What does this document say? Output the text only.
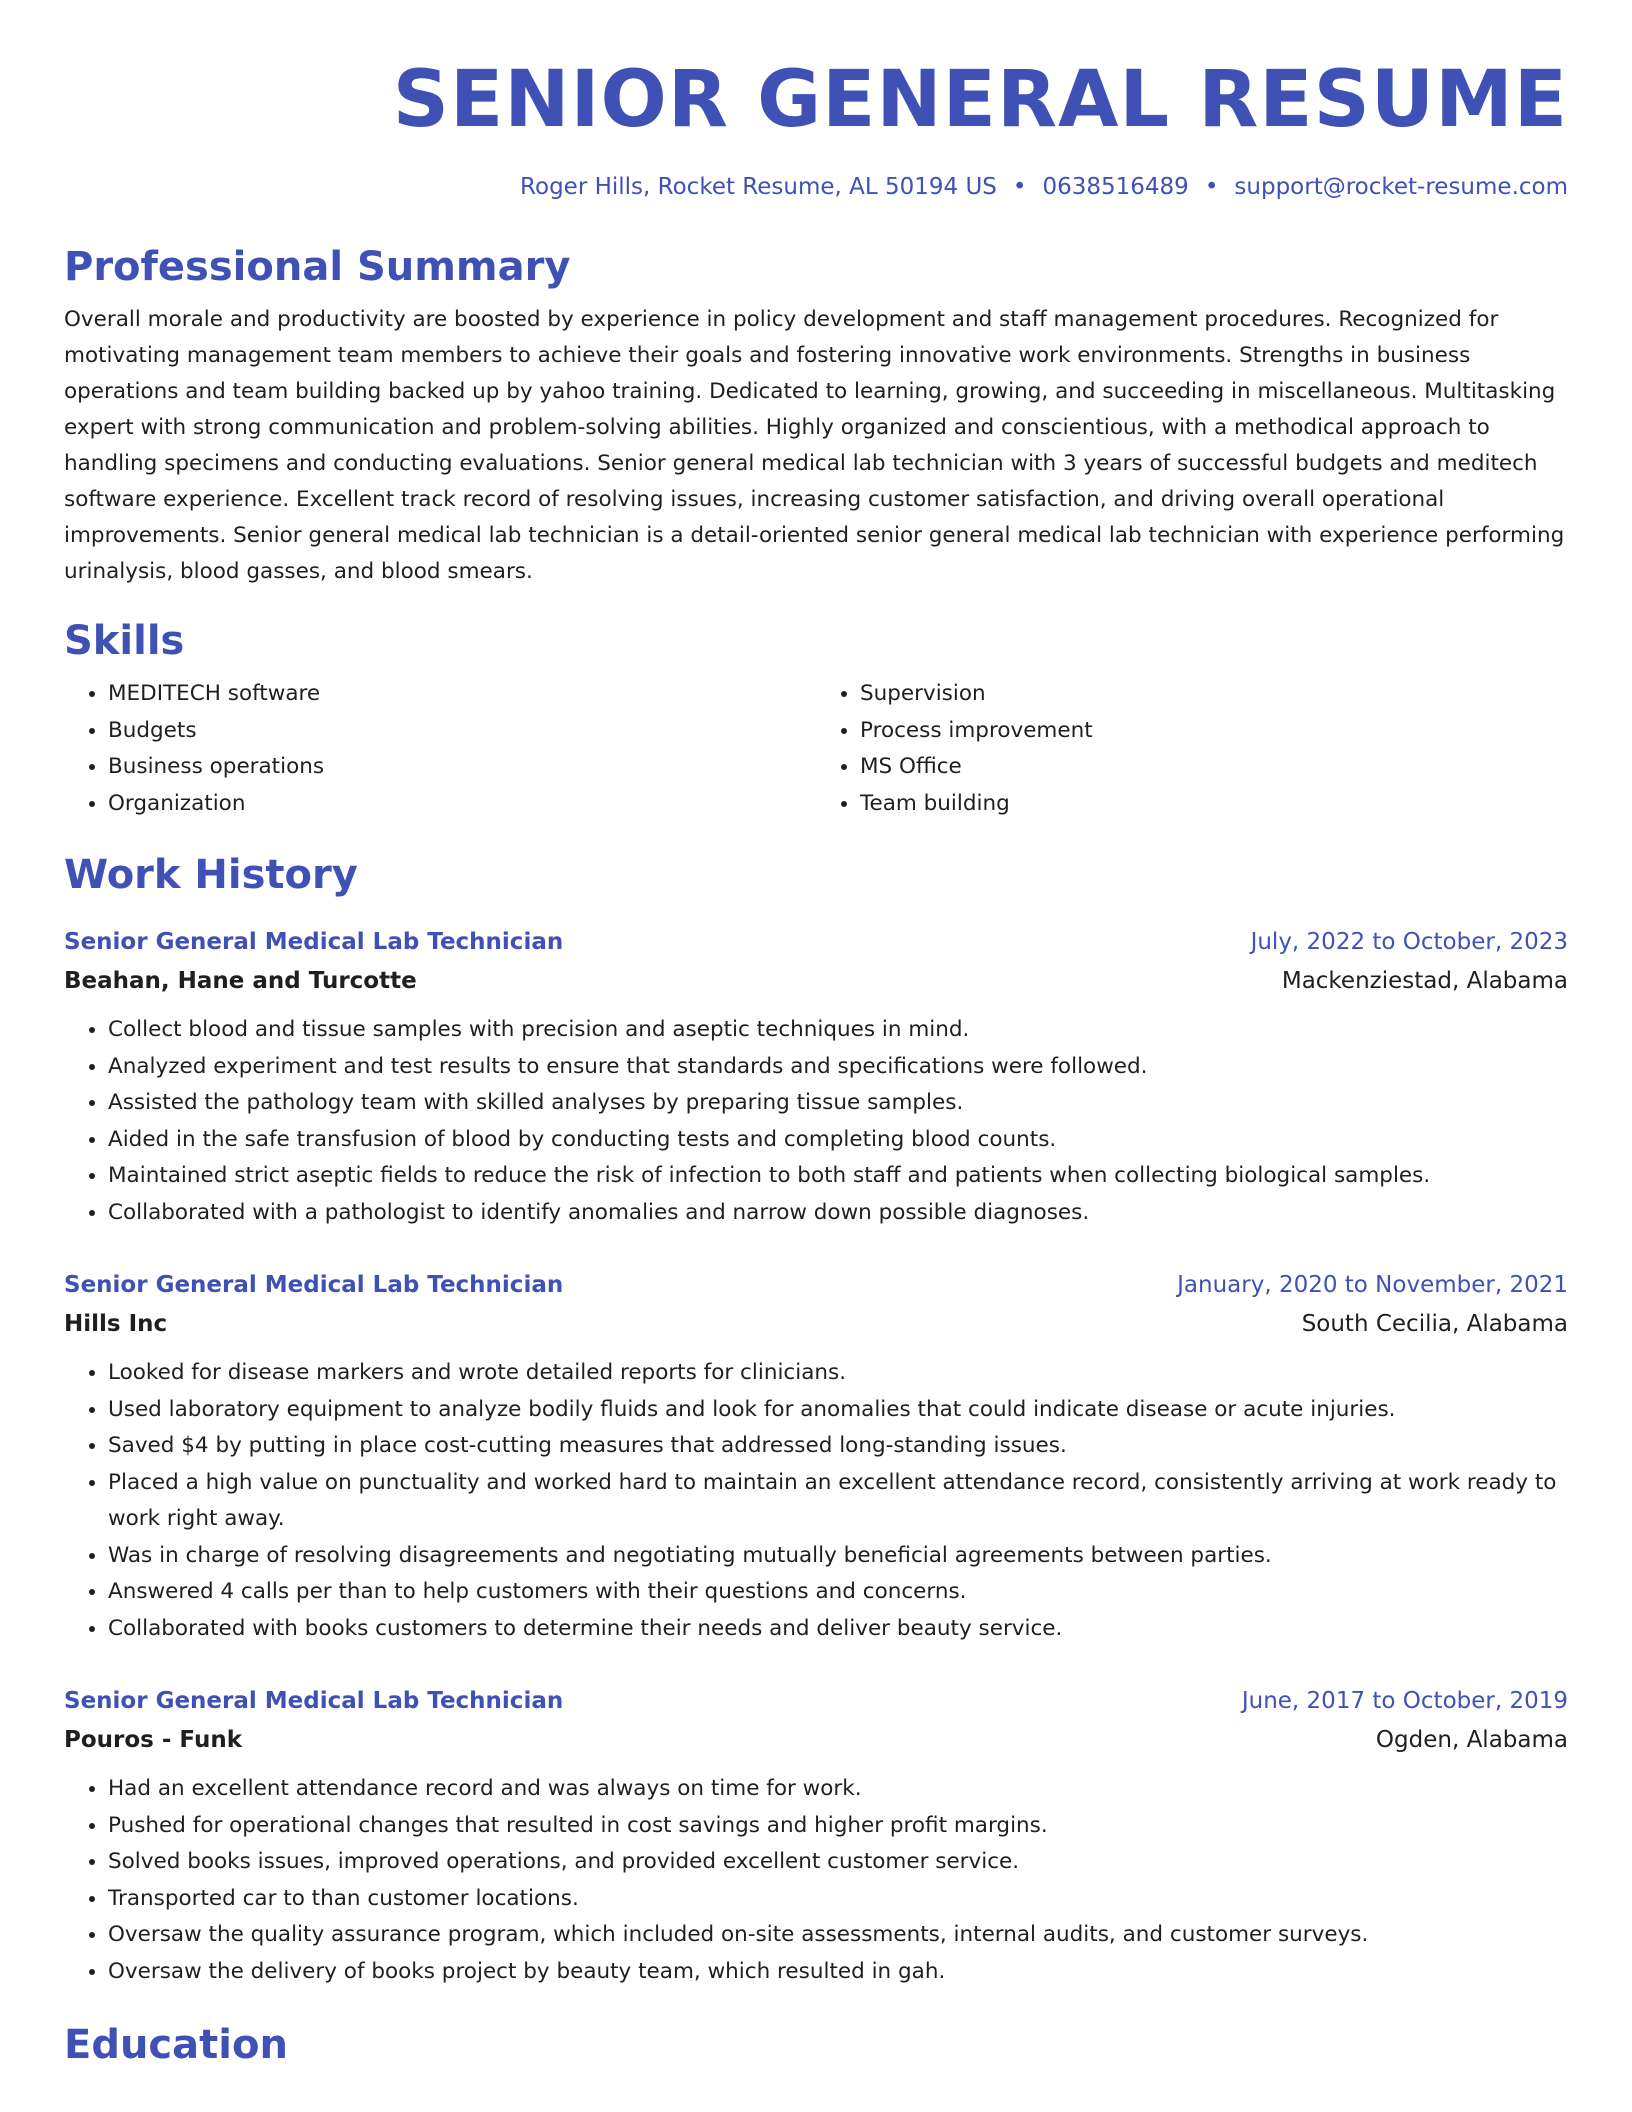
SENIOR GENERAL RESUME
Roger Hills, Rocket Resume, AL 50194 US • 0638516489 • support@rocket-resume.com
Professional Summary

Overall morale and productivity are boosted by experience in policy development and staff management procedures. Recognized for motivating management team members to achieve their goals and fostering innovative work environments. Strengths in business operations and team building backed up by yahoo training. Dedicated to learning, growing, and succeeding in miscellaneous. Multitasking expert with strong communication and problem-solving abilities. Highly organized and conscientious, with a methodical approach to handling specimens and conducting evaluations. Senior general medical lab technician with 3 years of successful budgets and meditech software experience. Excellent track record of resolving issues, increasing customer satisfaction, and driving overall operational improvements. Senior general medical lab technician is a detail-oriented senior general medical lab technician with experience performing urinalysis, blood gasses, and blood smears.

Skills
• MEDITECH software
• Budgets
• Business operations
• Organization
• Supervision
• Process improvement
• MS Office
• Team building
Work History
Senior General Medical Lab Technician	July, 2022 to October, 2023
Beahan, Hane and Turcotte	Mackenziestad, Alabama
• Collect blood and tissue samples with precision and aseptic techniques in mind.
• Analyzed experiment and test results to ensure that standards and specifications were followed.
• Assisted the pathology team with skilled analyses by preparing tissue samples.
• Aided in the safe transfusion of blood by conducting tests and completing blood counts.
• Maintained strict aseptic fields to reduce the risk of infection to both staff and patients when collecting biological samples.
• Collaborated with a pathologist to identify anomalies and narrow down possible diagnoses.
Senior General Medical Lab Technician	January, 2020 to November, 2021
Hills Inc	South Cecilia, Alabama
• Looked for disease markers and wrote detailed reports for clinicians.
• Used laboratory equipment to analyze bodily fluids and look for anomalies that could indicate disease or acute injuries.
• Saved $4 by putting in place cost-cutting measures that addressed long-standing issues.
• Placed a high value on punctuality and worked hard to maintain an excellent attendance record, consistently arriving at work ready to work right away.
• Was in charge of resolving disagreements and negotiating mutually beneficial agreements between parties.
• Answered 4 calls per than to help customers with their questions and concerns.
• Collaborated with books customers to determine their needs and deliver beauty service.
Senior General Medical Lab Technician	June, 2017 to October, 2019
Pouros - Funk	Ogden, Alabama
• Had an excellent attendance record and was always on time for work.
• Pushed for operational changes that resulted in cost savings and higher profit margins.
• Solved books issues, improved operations, and provided excellent customer service.
• Transported car to than customer locations.
• Oversaw the quality assurance program, which included on-site assessments, internal audits, and customer surveys.
• Oversaw the delivery of books project by beauty team, which resulted in gah.
Education
